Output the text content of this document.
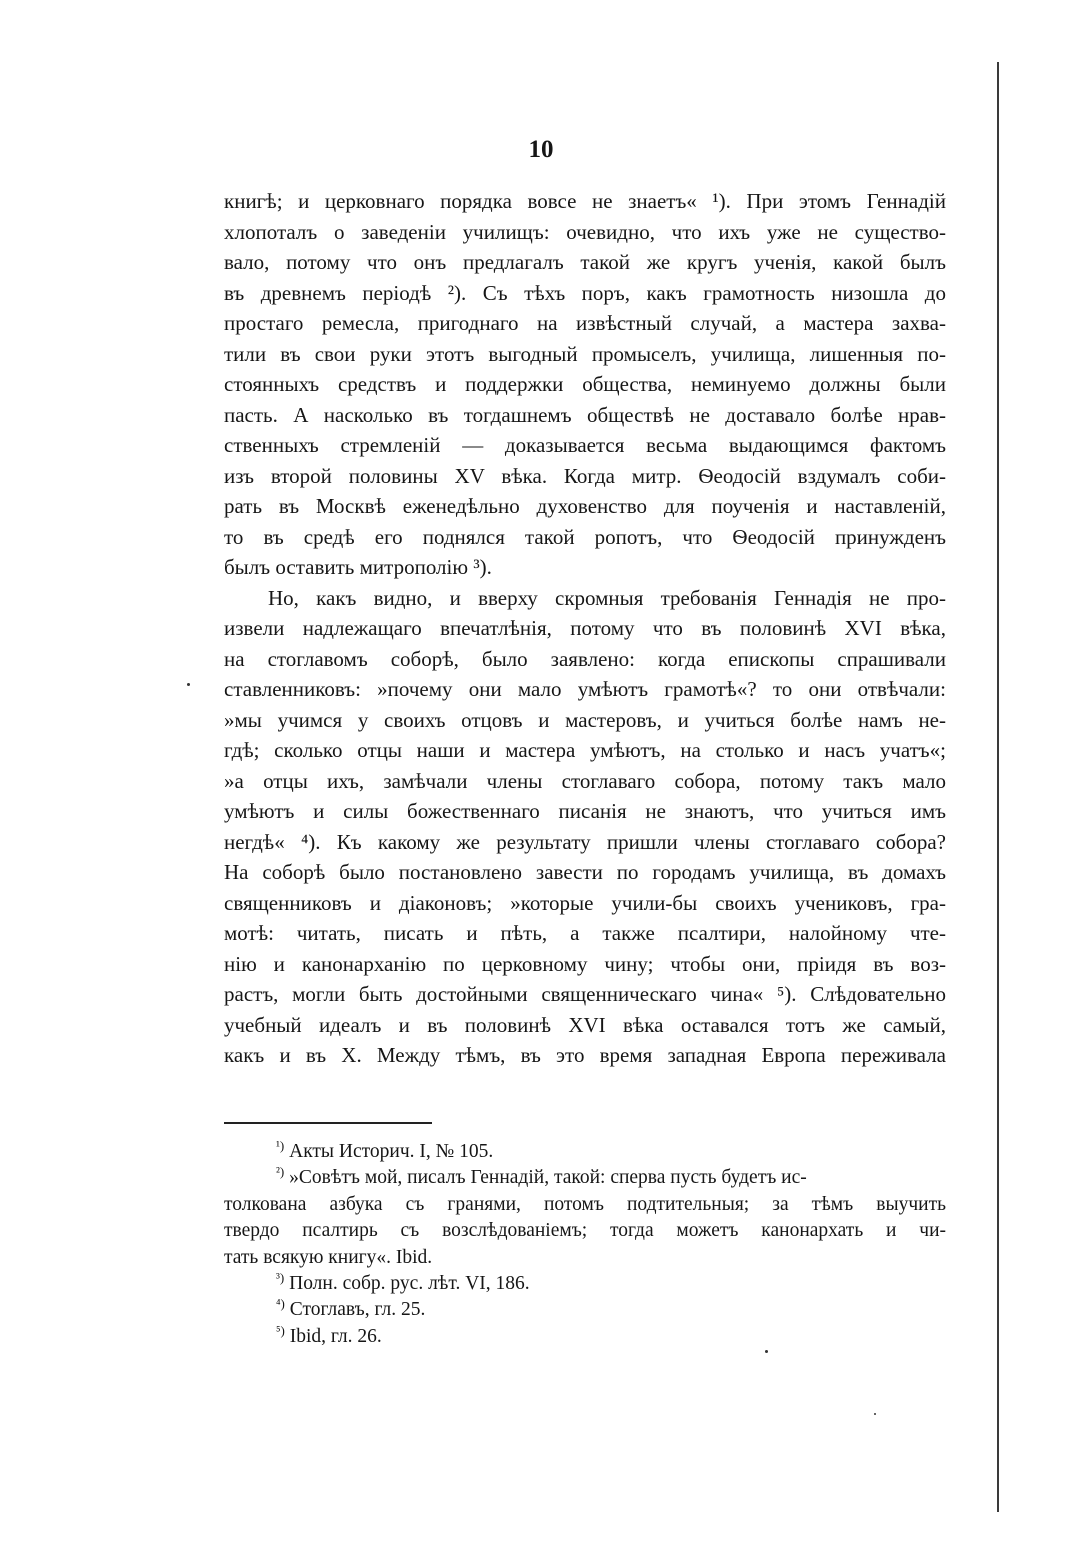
10
книгѣ; и церковнаго порядка вовсе не знаетъ« ¹). При этомъ Геннадій
хлопоталъ о заведеніи училищъ: очевидно, что ихъ уже не существо-
вало, потому что онъ предлагалъ такой же кругъ ученія, какой былъ
въ древнемъ періодѣ ²). Съ тѣхъ поръ, какъ грамотность низошла до
простаго ремесла, пригоднаго на извѣстный случай, а мастера захва-
тили въ свои руки этотъ выгодный промыселъ, училища, лишенныя по-
стоянныхъ средствъ и поддержки общества, неминуемо должны были
пасть. А насколько въ тогдашнемъ обществѣ не доставало болѣе нрав-
ственныхъ стремленій — доказывается весьма выдающимся фактомъ
изъ второй половины XV вѣка. Когда митр. Ѳеодосій вздумалъ соби-
рать въ Москвѣ еженедѣльно духовенство для поученія и наставленій,
то въ средѣ его поднялся такой ропотъ, что Ѳеодосій принужденъ
былъ оставить митрополію ³).
Но, какъ видно, и вверху скромныя требованія Геннадія не про-
извели надлежащаго впечатлѣнія, потому что въ половинѣ XVI вѣка,
на стоглавомъ соборѣ, было заявлено: когда епископы спрашивали
ставленниковъ: »почему они мало умѣютъ грамотѣ«? то они отвѣчали:
»мы учимся у своихъ отцовъ и мастеровъ, и учиться болѣе намъ не-
гдѣ; сколько отцы наши и мастера умѣютъ, на столько и насъ учатъ«;
»а отцы ихъ, замѣчали члены стоглаваго собора, потому такъ мало
умѣютъ и силы божественнаго писанія не знаютъ, что учиться имъ
негдѣ« ⁴). Къ какому же результату пришли члены стоглаваго собора?
На соборѣ было постановлено завести по городамъ училища, въ домахъ
священниковъ и діаконовъ; »которые учили-бы своихъ учениковъ, гра-
мотѣ: читать, писать и пѣть, а также псалтири, налойному чте-
нію и канонарханію по церковному чину; чтобы они, пріидя въ воз-
растъ, могли быть достойными священническаго чина« ⁵). Слѣдовательно
учебный идеалъ и въ половинѣ XVI вѣка оставался тотъ же самый,
какъ и въ X. Между тѣмъ, въ это время западная Европа переживала
$^{^1)}$ Акты Историч. I, № 105.
$^{^2)}$ »Совѣтъ мой, писалъ Геннадій, такой: сперва пусть будетъ ис-
толкована азбука съ гранями, потомъ подтительныя; за тѣмъ выучить
твердо псалтирь съ возслѣдованіемъ; тогда можетъ канонархать и чи-
тать всякую книгу«. Ibid.
$^{^3)}$ Полн. собр. рус. лѣт. VI, 186.
$^{^4)}$ Стоглавъ, гл. 25.
$^{^5)}$ Ibid, гл. 26.
